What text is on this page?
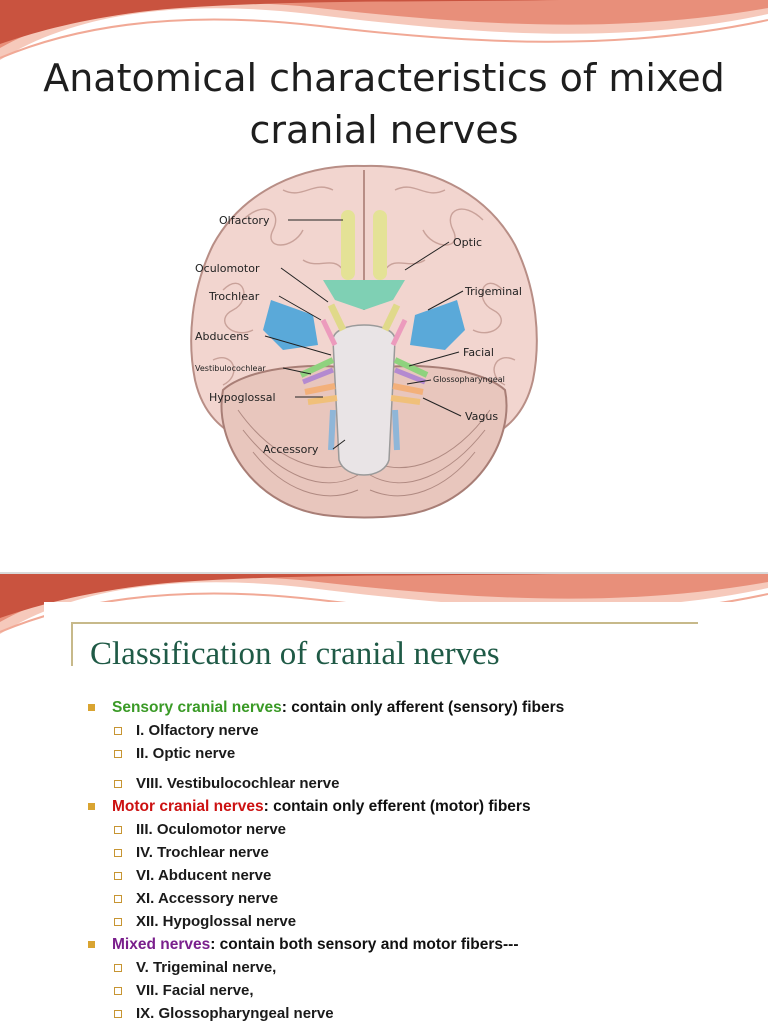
Anatomical characteristics of mixed
cranial nerves
Olfactory
Optic
Oculomotor
Trochlear	Trigeminal
Abducens
Facial
Vestibulocochlear
Glossopharyngeal
Hypoglossal
Vagus
Accessory
Classification of cranial nerves
Sensory cranial nerves: contain only afferent (sensory) fibers
I. Olfactory nerve
II. Optic nerve
VIII. Vestibulocochlear nerve
Motor cranial nerves: contain only efferent (motor) fibers
III. Oculomotor nerve
IV. Trochlear nerve
VI. Abducent nerve
XI. Accessory nerve
XII. Hypoglossal nerve
Mixed nerves: contain both sensory and motor fibers---
V. Trigeminal nerve,
VII. Facial nerve,
IX. Glossopharyngeal nerve
